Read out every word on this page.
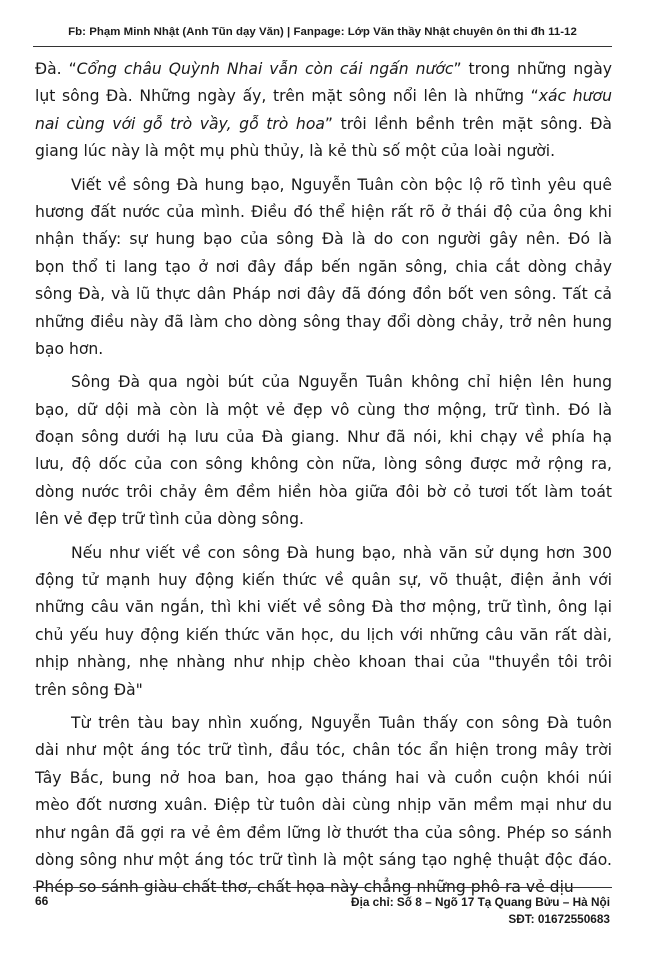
Fb: Phạm Minh Nhật (Anh Tũn dạy Văn) | Fanpage: Lớp Văn thầy Nhật chuyên ôn thi đh 11-12
Đà. “Cổng châu Quỳnh Nhai vẫn còn cái ngấn nước” trong những ngày
lụt sông Đà. Những ngày ấy, trên mặt sông nổi lên là những “xác hươu
nai cùng với gỗ trò vầy, gỗ trò hoa” trôi lềnh bềnh trên mặt sông. Đà
giang lúc này là một mụ phù thủy, là kẻ thù số một của loài người.
Viết về sông Đà hung bạo, Nguyễn Tuân còn bộc lộ rõ tình yêu quê
hương đất nước của mình. Điều đó thể hiện rất rõ ở thái độ của ông khi
nhận thấy: sự hung bạo của sông Đà là do con người gây nên. Đó là
bọn thổ ti lang tạo ở nơi đây đắp bến ngăn sông, chia cắt dòng chảy
sông Đà, và lũ thực dân Pháp nơi đây đã đóng đồn bốt ven sông. Tất cả
những điều này đã làm cho dòng sông thay đổi dòng chảy, trở nên hung
bạo hơn.
Sông Đà qua ngòi bút của Nguyễn Tuân không chỉ hiện lên hung
bạo, dữ dội mà còn là một vẻ đẹp vô cùng thơ mộng, trữ tình. Đó là
đoạn sông dưới hạ lưu của Đà giang. Như đã nói, khi chạy về phía hạ
lưu, độ dốc của con sông không còn nữa, lòng sông được mở rộng ra,
dòng nước trôi chảy êm đềm hiền hòa giữa đôi bờ cỏ tươi tốt làm toát
lên vẻ đẹp trữ tình của dòng sông.
Nếu như viết về con sông Đà hung bạo, nhà văn sử dụng hơn 300
động tử mạnh huy động kiến thức về quân sự, võ thuật, điện ảnh với
những câu văn ngắn, thì khi viết về sông Đà thơ mộng, trữ tình, ông lại
chủ yếu huy động kiến thức văn học, du lịch với những câu văn rất dài,
nhịp nhàng, nhẹ nhàng như nhịp chèo khoan thai của "thuyền tôi trôi
trên sông Đà"
Từ trên tàu bay nhìn xuống, Nguyễn Tuân thấy con sông Đà tuôn
dài như một áng tóc trữ tình, đầu tóc, chân tóc ẩn hiện trong mây trời
Tây Bắc, bung nở hoa ban, hoa gạo tháng hai và cuồn cuộn khói núi
mèo đốt nương xuân. Điệp từ tuôn dài cùng nhịp văn mềm mại như du
như ngân đã gợi ra vẻ êm đềm lững lờ thướt tha của sông. Phép so sánh
dòng sông như một áng tóc trữ tình là một sáng tạo nghệ thuật độc đáo.
Phép so sánh giàu chất thơ, chất họa này chẳng những phô ra vẻ dịu
66	Địa chỉ: Số 8 – Ngõ 17 Tạ Quang Bửu – Hà Nội
SĐT: 01672550683
